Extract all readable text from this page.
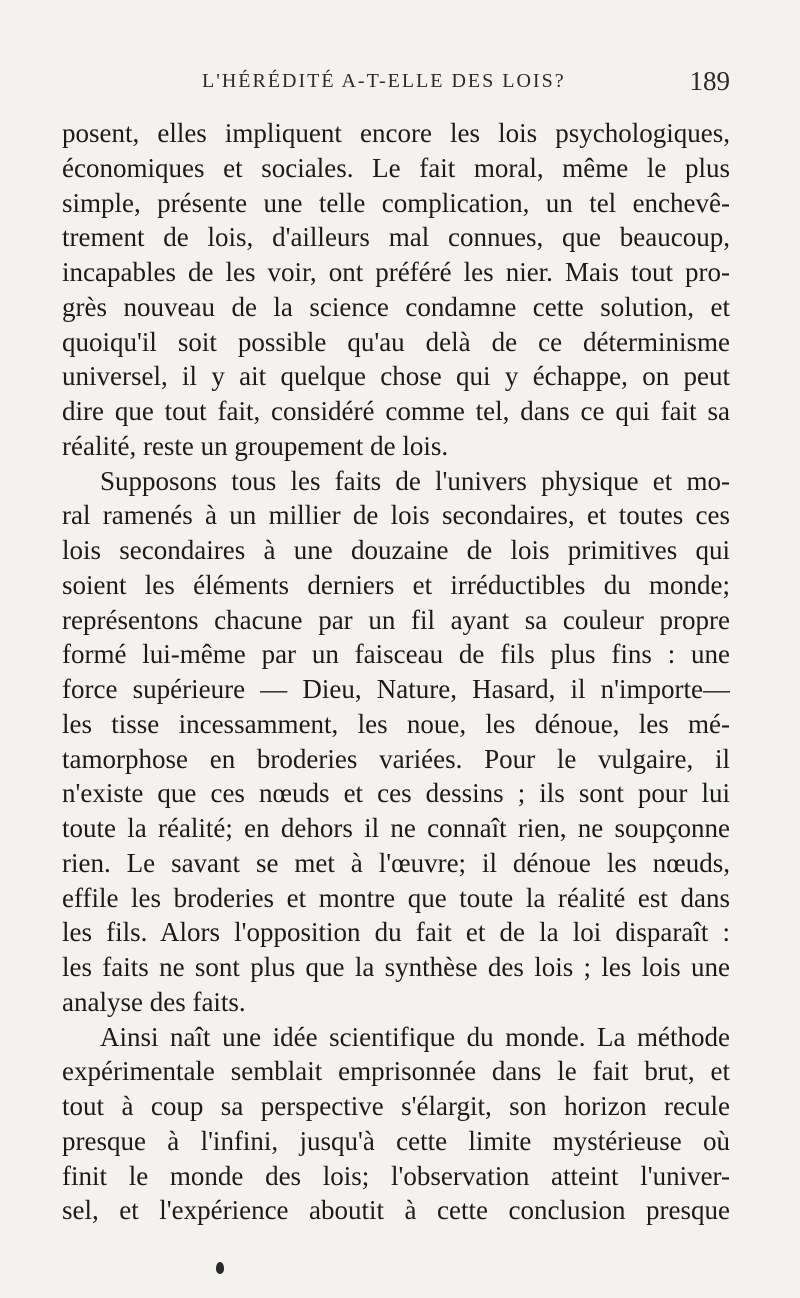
L'HÉRÉDITÉ A-T-ELLE DES LOIS?	189
posent, elles impliquent encore les lois psychologiques,
économiques et sociales. Le fait moral, même le plus
simple, présente une telle complication, un tel enchevê-
trement de lois, d'ailleurs mal connues, que beaucoup,
incapables de les voir, ont préféré les nier. Mais tout pro-
grès nouveau de la science condamne cette solution, et
quoiqu'il soit possible qu'au delà de ce déterminisme
universel, il y ait quelque chose qui y échappe, on peut
dire que tout fait, considéré comme tel, dans ce qui fait sa
réalité, reste un groupement de lois.
Supposons tous les faits de l'univers physique et mo-
ral ramenés à un millier de lois secondaires, et toutes ces
lois secondaires à une douzaine de lois primitives qui
soient les éléments derniers et irréductibles du monde;
représentons chacune par un fil ayant sa couleur propre
formé lui-même par un faisceau de fils plus fins : une
force supérieure — Dieu, Nature, Hasard, il n'importe—
les tisse incessamment, les noue, les dénoue, les mé-
tamorphose en broderies variées. Pour le vulgaire, il
n'existe que ces nœuds et ces dessins ; ils sont pour lui
toute la réalité; en dehors il ne connaît rien, ne soupçonne
rien. Le savant se met à l'œuvre; il dénoue les nœuds,
effile les broderies et montre que toute la réalité est dans
les fils. Alors l'opposition du fait et de la loi disparaît :
les faits ne sont plus que la synthèse des lois ; les lois une
analyse des faits.
Ainsi naît une idée scientifique du monde. La méthode
expérimentale semblait emprisonnée dans le fait brut, et
tout à coup sa perspective s'élargit, son horizon recule
presque à l'infini, jusqu'à cette limite mystérieuse où
finit le monde des lois; l'observation atteint l'univer-
sel, et l'expérience aboutit à cette conclusion presque
